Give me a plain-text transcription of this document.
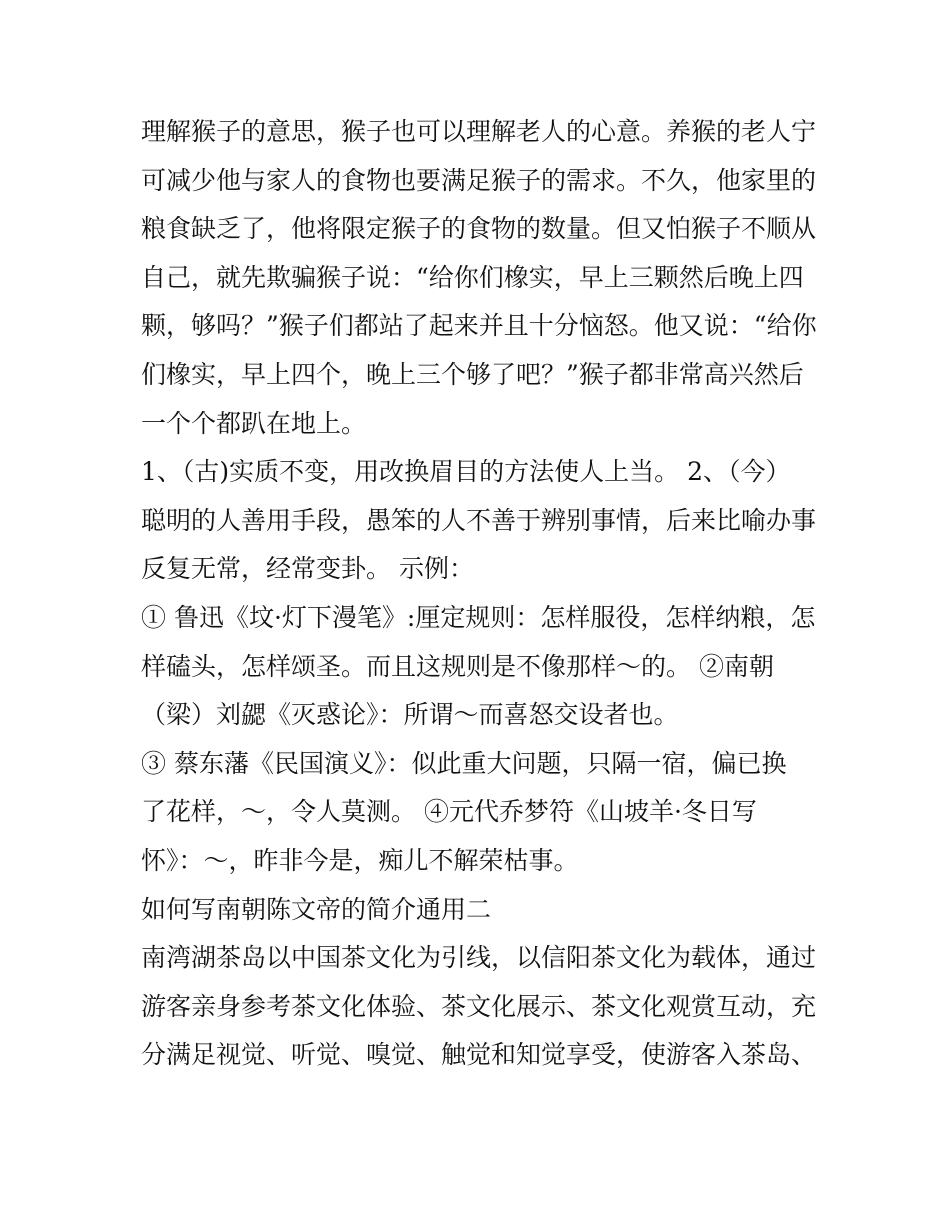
理解猴子的意思，猴子也可以理解老人的心意。养猴的老人宁
可减少他与家人的食物也要满足猴子的需求。不久，他家里的
粮食缺乏了，他将限定猴子的食物的数量。但又怕猴子不顺从
自己，就先欺骗猴子说：“给你们橡实，早上三颗然后晚上四
颗，够吗？”猴子们都站了起来并且十分恼怒。他又说：“给你
们橡实，早上四个，晚上三个够了吧？”猴子都非常高兴然后
一个个都趴在地上。
1、（古)实质不变，用改换眉目的方法使人上当。 2、（今）
聪明的人善用手段，愚笨的人不善于辨别事情，后来比喻办事
反复无常，经常变卦。 示例：
① 鲁迅《坟·灯下漫笔》:厘定规则：怎样服役，怎样纳粮，怎
样磕头，怎样颂圣。而且这规则是不像那样～的。 ②南朝
（梁）刘勰《灭惑论》：所谓～而喜怒交设者也。
③ 蔡东藩《民国演义》：似此重大问题，只隔一宿，偏已换
了花样，～，令人莫测。 ④元代乔梦符《山坡羊·冬日写
怀》：～，昨非今是，痴儿不解荣枯事。
如何写南朝陈文帝的简介通用二
南湾湖茶岛以中国茶文化为引线，以信阳茶文化为载体，通过
游客亲身参考茶文化体验、茶文化展示、茶文化观赏互动，充
分满足视觉、听觉、嗅觉、触觉和知觉享受，使游客入茶岛、
